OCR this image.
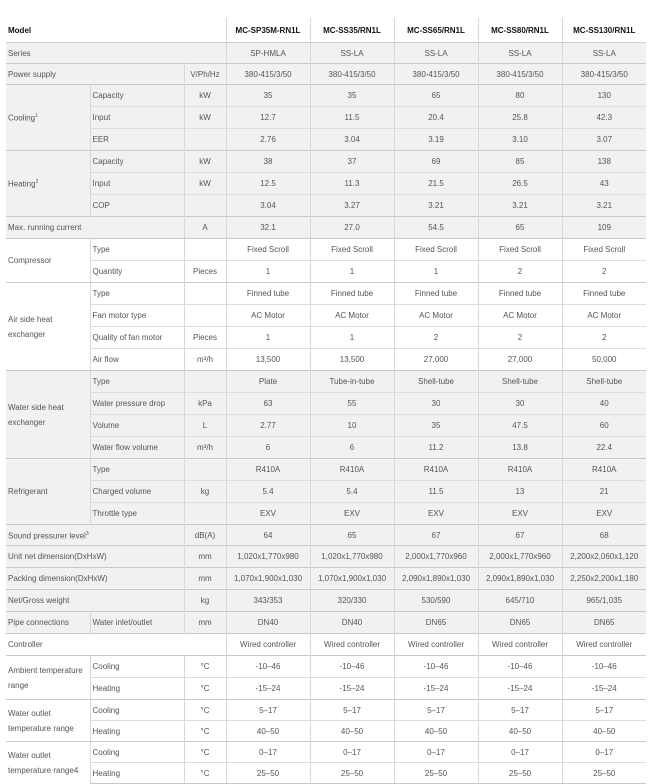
Model			MC-SP35M-RN1L	MC-SS35/RN1L	MC-SS65/RN1L	MC-SS80/RN1L	MC-SS130/RN1L
Series			SP-HMLA	SS-LA	SS-LA	SS-LA	SS-LA
Power supply		V/Ph/Hz	380-415/3/50	380-415/3/50	380-415/3/50	380-415/3/50	380-415/3/50
Cooling$^1$	Capacity	kW	35	35	65	80	130
	Input	kW	12.7	11.5	20.4	25.8	42.3
	EER		2.76	3.04	3.19	3.10	3.07
Heating$^2$	Capacity	kW	38	37	69	85	138
	Input	kW	12.5	11.3	21.5	26.5	43
	COP		3.04	3.27	3.21	3.21	3.21
Max. running current		A	32.1	27.0	54.5	65	109
Compressor	Type		Fixed Scroll	Fixed Scroll	Fixed Scroll	Fixed Scroll	Fixed Scroll
	Quantity	Pieces	1	1	1	2	2
Air side heat exchanger	Type		Finned tube	Finned tube	Finned tube	Finned tube	Finned tube
	Fan motor type		AC Motor	AC Motor	AC Motor	AC Motor	AC Motor
	Quality of fan motor	Pieces	1	1	2	2	2
	Air flow	m³/h	13,500	13,500	27,000	27,000	50,000
Water side heat exchanger	Type		Plate	Tube-in-tube	Shell-tube	Shell-tube	Shell-tube
	Water pressure drop	kPa	63	55	30	30	40
	Volume	L	2.77	10	35	47.5	60
	Water flow volume	m³/h	6	6	11.2	13.8	22.4
Refrigerant	Type		R410A	R410A	R410A	R410A	R410A
	Charged volume	kg	5.4	5.4	11.5	13	21
	Throttle type		EXV	EXV	EXV	EXV	EXV
Sound pressurer level$^3$		dB(A)	64	65	67	67	68
Unit net dimension(DxHxW)		mm	1,020x1,770x980	1,020x1,770x980	2,000x1,770x960	2,000x1,770x960	2,200x2,060x1,120
Packing dimension(DxHxW)		mm	1,070x1,900x1,030	1,070x1,900x1,030	2,090x1,890x1,030	2,090x1,890x1,030	2,250x2,200x1,180
Net/Gross weight		kg	343/353	320/330	530/590	645/710	965/1,035
Pipe connections	Water inlet/outlet	mm	DN40	DN40	DN65	DN65	DN65
Controller			Wired controller	Wired controller	Wired controller	Wired controller	Wired controller
Ambient temperature range	Cooling	°C	-10–46	-10–46	-10–46	-10–46	-10–46
	Heating	°C	-15–24	-15–24	-15–24	-15–24	-15–24
Water outlet temperature range	Cooling	°C	5–17	5–17	5–17	5–17	5–17
	Heating	°C	40–50	40–50	40–50	40–50	40–50
Water outlet temperature range4	Cooling	°C	0–17	0–17	0–17	0–17	0–17
	Heating	°C	25–50	25–50	25–50	25–50	25–50
